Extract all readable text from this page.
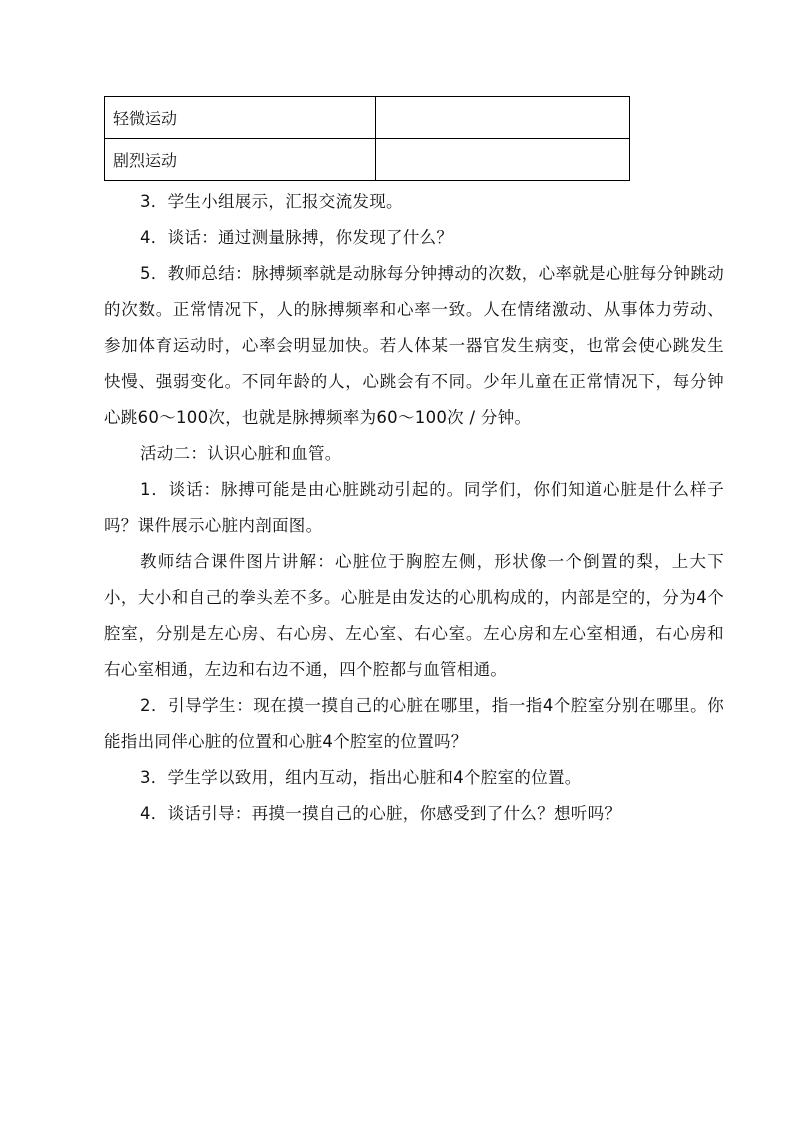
轻微运动	
剧烈运动	

3．学生小组展示，汇报交流发现。

4．谈话：通过测量脉搏，你发现了什么？

5．教师总结：脉搏频率就是动脉每分钟搏动的次数，心率就是心脏每分钟跳动的次数。正常情况下，人的脉搏频率和心率一致。人在情绪激动、从事体力劳动、参加体育运动时，心率会明显加快。若人体某一器官发生病变，也常会使心跳发生快慢、强弱变化。不同年龄的人，心跳会有不同。少年儿童在正常情况下，每分钟心跳60～100次，也就是脉搏频率为60～100次 / 分钟。

活动二：认识心脏和血管。

1．谈话：脉搏可能是由心脏跳动引起的。同学们，你们知道心脏是什么样子吗？课件展示心脏内剖面图。

教师结合课件图片讲解：心脏位于胸腔左侧，形状像一个倒置的梨，上大下小，大小和自己的拳头差不多。心脏是由发达的心肌构成的，内部是空的，分为4个腔室，分别是左心房、右心房、左心室、右心室。左心房和左心室相通，右心房和右心室相通，左边和右边不通，四个腔都与血管相通。

2．引导学生：现在摸一摸自己的心脏在哪里，指一指4个腔室分别在哪里。你能指出同伴心脏的位置和心脏4个腔室的位置吗？

3．学生学以致用，组内互动，指出心脏和4个腔室的位置。

4．谈话引导：再摸一摸自己的心脏，你感受到了什么？想听吗？
